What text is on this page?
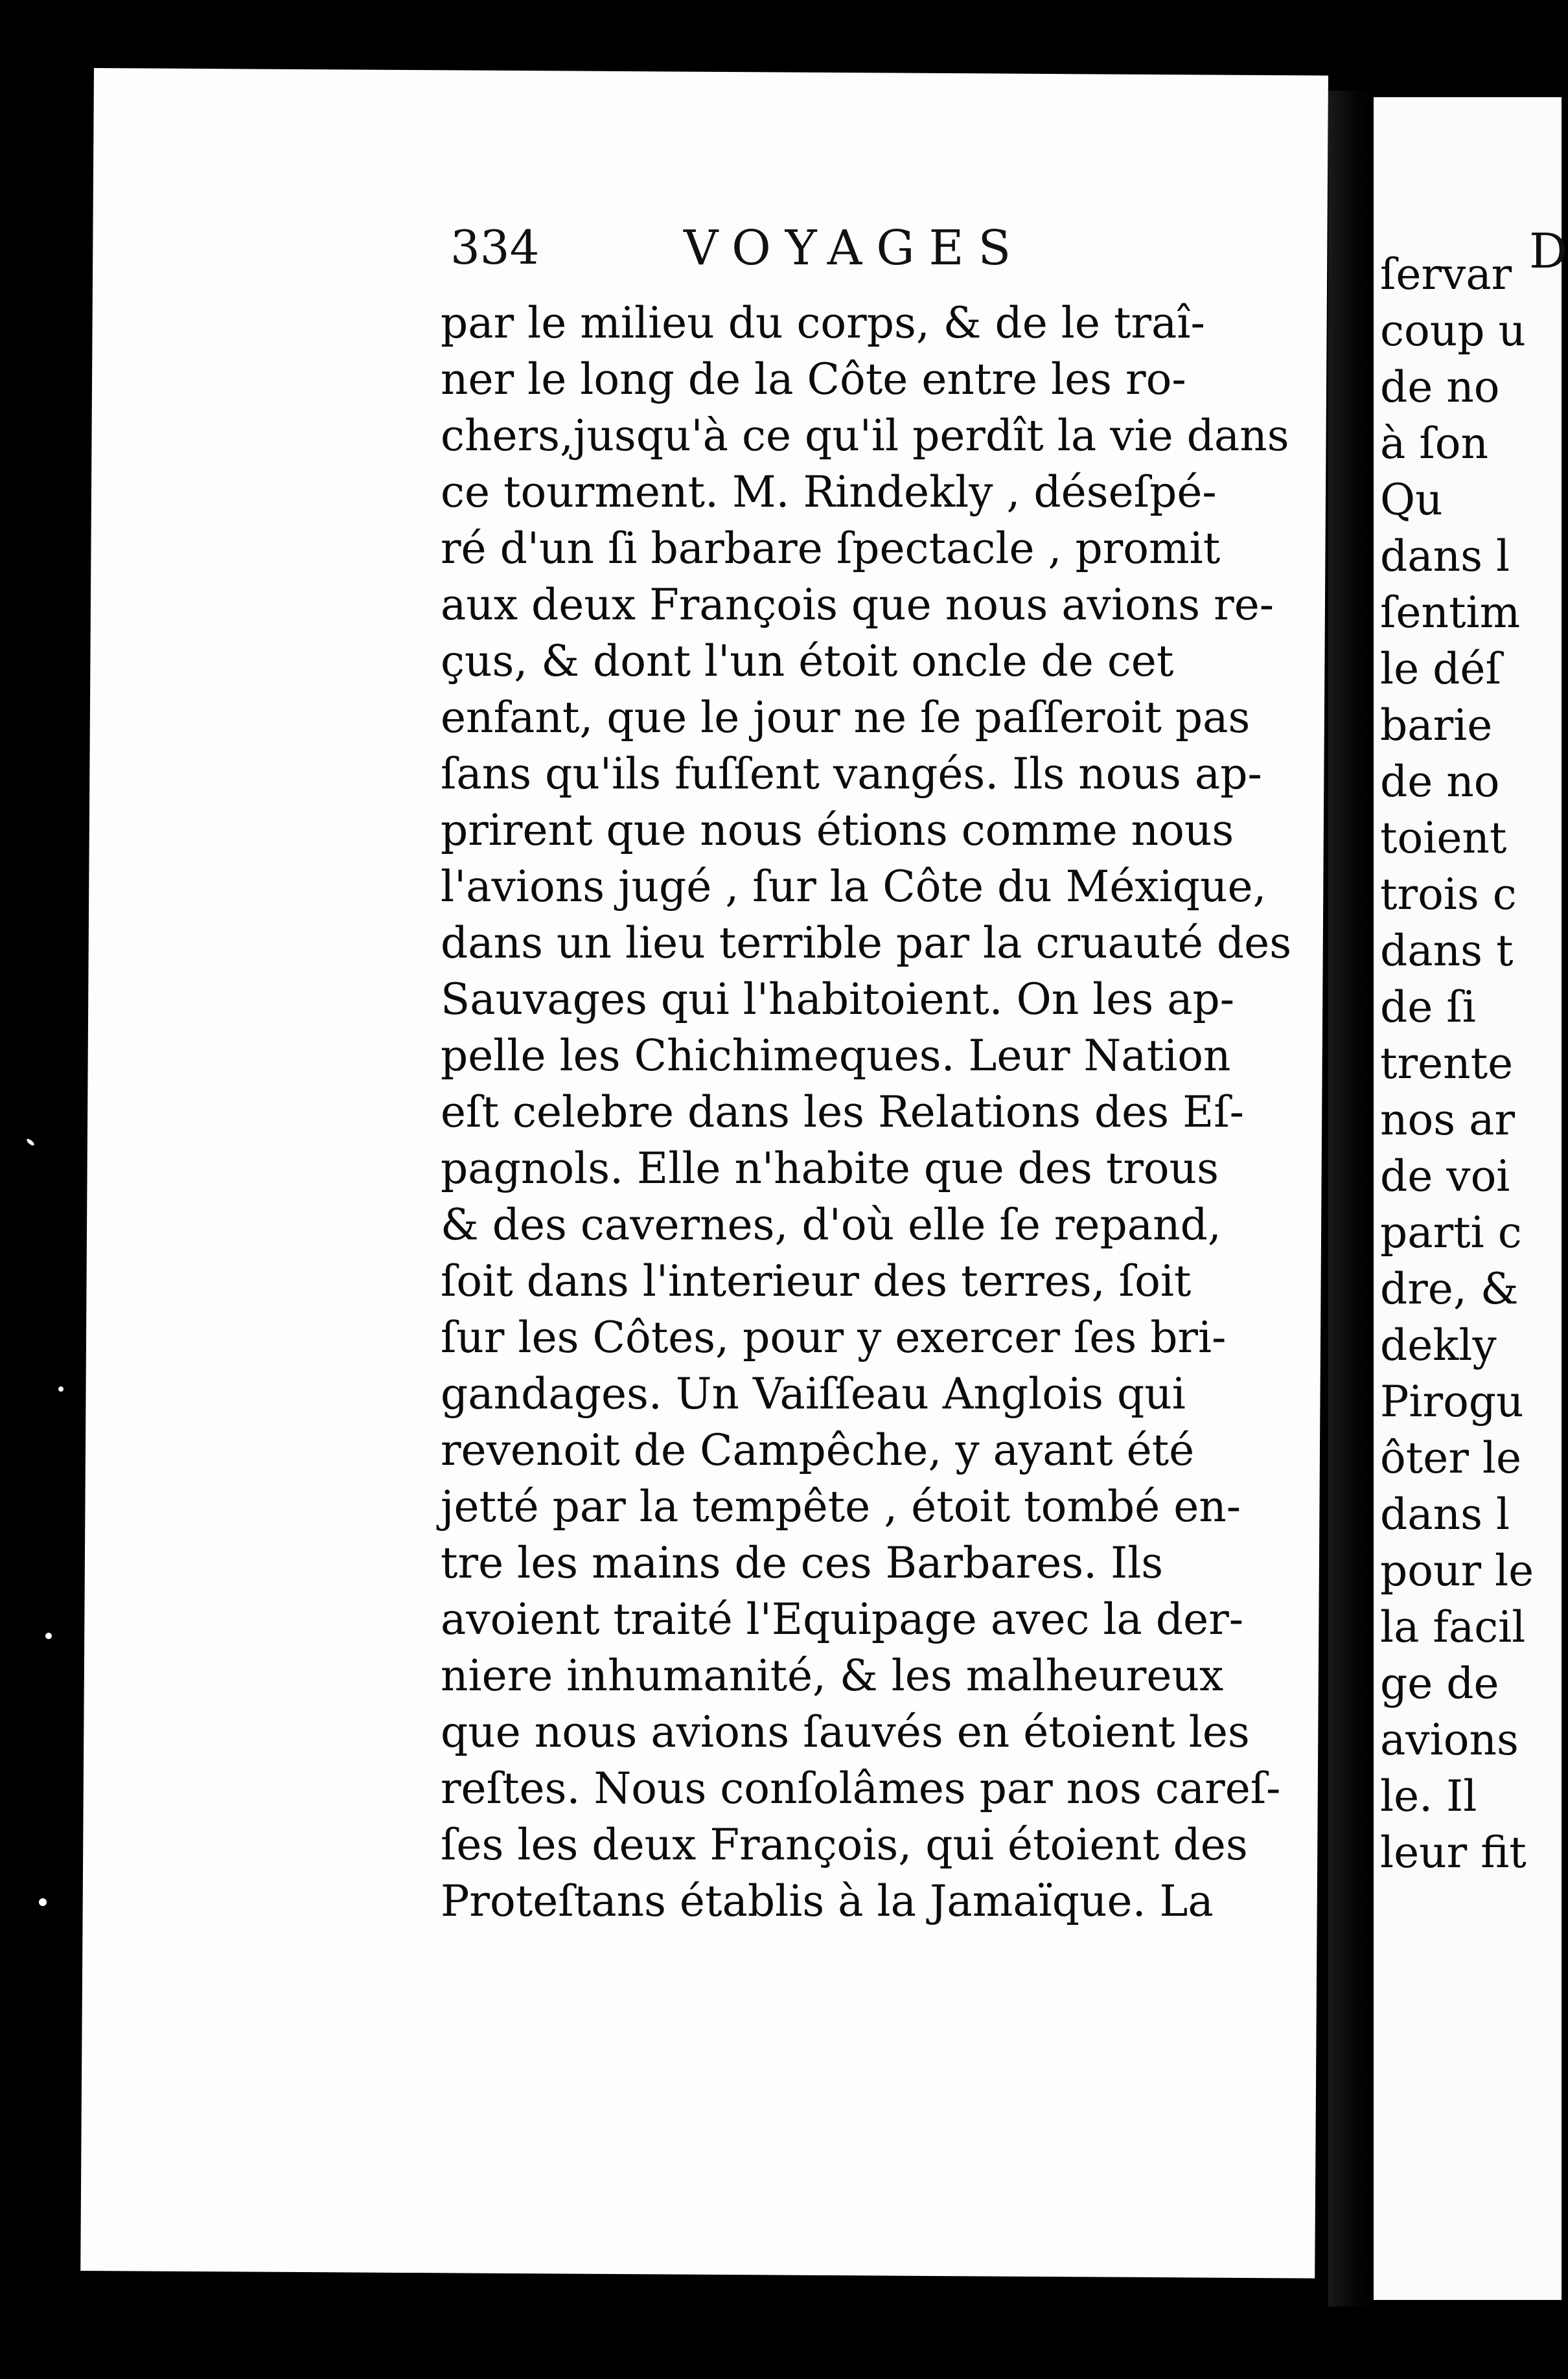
334	VOYAGES
par le milieu du corps, & de le traî-
ner le long de la Côte entre les ro-
chers,jusqu'à ce qu'il perdît la vie dans
ce tourment. M. Rindekly , déseſpé-
ré d'un ſi barbare ſpectacle , promit
aux deux François que nous avions re-
çus, & dont l'un étoit oncle de cet
enfant, que le jour ne ſe paſſeroit pas
ſans qu'ils fuſſent vangés. Ils nous ap-
prirent que nous étions comme nous
l'avions jugé , ſur la Côte du Méxique,
dans un lieu terrible par la cruauté des
Sauvages qui l'habitoient. On les ap-
pelle les Chichimeques. Leur Nation
eſt celebre dans les Relations des Eſ-
pagnols. Elle n'habite que des trous
& des cavernes, d'où elle ſe repand,
ſoit dans l'interieur des terres, ſoit
ſur les Côtes, pour y exercer ſes bri-
gandages. Un Vaiſſeau Anglois qui
revenoit de Campêche, y ayant été
jetté par la tempête , étoit tombé en-
tre les mains de ces Barbares. Ils
avoient traité l'Equipage avec la der-
niere inhumanité, & les malheureux
que nous avions ſauvés en étoient les
reſtes. Nous conſolâmes par nos careſ-
ſes les deux François, qui étoient des
Proteſtans établis à la Jamaïque. La
D
ſervar
coup u
de no
à ſon
Qu
dans l
ſentim
le déſ
barie
de no
toient
trois c
dans t
de ſi
trente
nos ar
de voi
parti c
dre, &
dekly
Pirogu
ôter le
dans l
pour le
la facil
ge de
avions
le. Il
leur fit
